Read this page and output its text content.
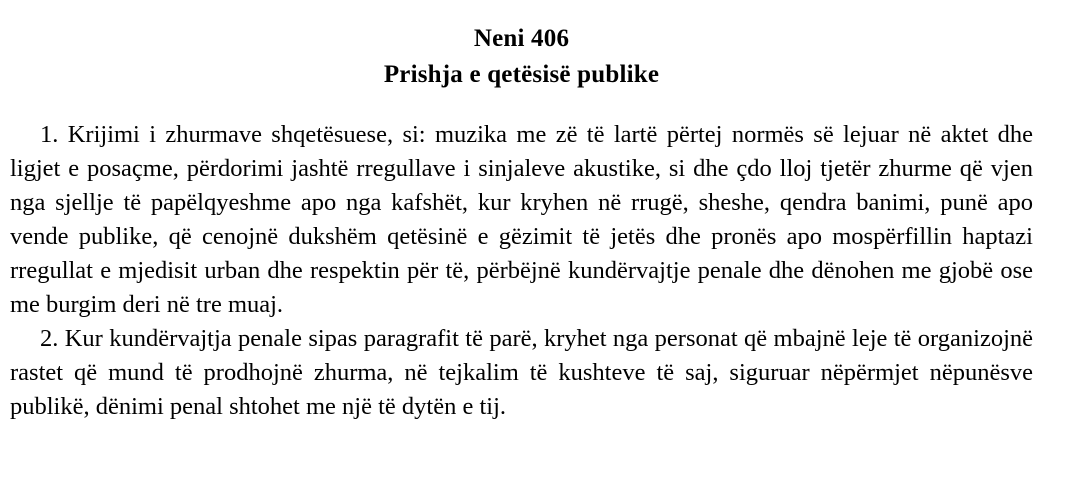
Neni 406
Prishja e qetësisë publike

1. Krijimi i zhurmave shqetësuese, si: muzika me zë të lartë përtej normës së lejuar në aktet dhe ligjet e posaçme, përdorimi jashtë rregullave i sinjaleve akustike, si dhe çdo lloj tjetër zhurme që vjen nga sjellje të papëlqyeshme apo nga kafshët, kur kryhen në rrugë, sheshe, qendra banimi, punë apo vende publike, që cenojnë dukshëm qetësinë e gëzimit të jetës dhe pronës apo mospërfillin haptazi rregullat e mjedisit urban dhe respektin për të, përbëjnë kundërvajtje penale dhe dënohen me gjobë ose me burgim deri në tre muaj.

2. Kur kundërvajtja penale sipas paragrafit të parë, kryhet nga personat që mbajnë leje të organizojnë rastet që mund të prodhojnë zhurma, në tejkalim të kushteve të saj, siguruar nëpërmjet nëpunësve publikë, dënimi penal shtohet me një të dytën e tij.
